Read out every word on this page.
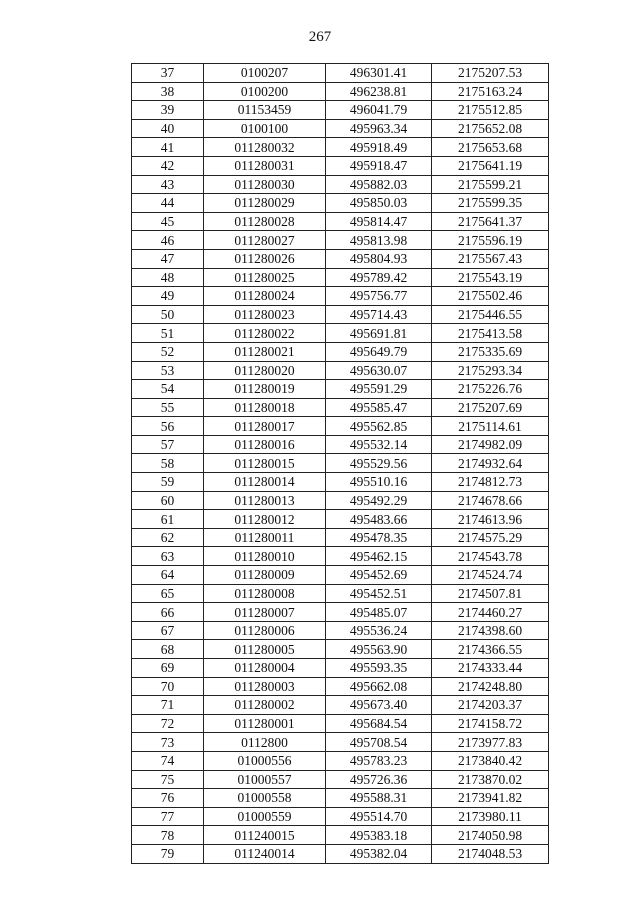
267
37	0100207	496301.41	2175207.53
38	0100200	496238.81	2175163.24
39	01153459	496041.79	2175512.85
40	0100100	495963.34	2175652.08
41	011280032	495918.49	2175653.68
42	011280031	495918.47	2175641.19
43	011280030	495882.03	2175599.21
44	011280029	495850.03	2175599.35
45	011280028	495814.47	2175641.37
46	011280027	495813.98	2175596.19
47	011280026	495804.93	2175567.43
48	011280025	495789.42	2175543.19
49	011280024	495756.77	2175502.46
50	011280023	495714.43	2175446.55
51	011280022	495691.81	2175413.58
52	011280021	495649.79	2175335.69
53	011280020	495630.07	2175293.34
54	011280019	495591.29	2175226.76
55	011280018	495585.47	2175207.69
56	011280017	495562.85	2175114.61
57	011280016	495532.14	2174982.09
58	011280015	495529.56	2174932.64
59	011280014	495510.16	2174812.73
60	011280013	495492.29	2174678.66
61	011280012	495483.66	2174613.96
62	011280011	495478.35	2174575.29
63	011280010	495462.15	2174543.78
64	011280009	495452.69	2174524.74
65	011280008	495452.51	2174507.81
66	011280007	495485.07	2174460.27
67	011280006	495536.24	2174398.60
68	011280005	495563.90	2174366.55
69	011280004	495593.35	2174333.44
70	011280003	495662.08	2174248.80
71	011280002	495673.40	2174203.37
72	011280001	495684.54	2174158.72
73	0112800	495708.54	2173977.83
74	01000556	495783.23	2173840.42
75	01000557	495726.36	2173870.02
76	01000558	495588.31	2173941.82
77	01000559	495514.70	2173980.11
78	011240015	495383.18	2174050.98
79	011240014	495382.04	2174048.53
